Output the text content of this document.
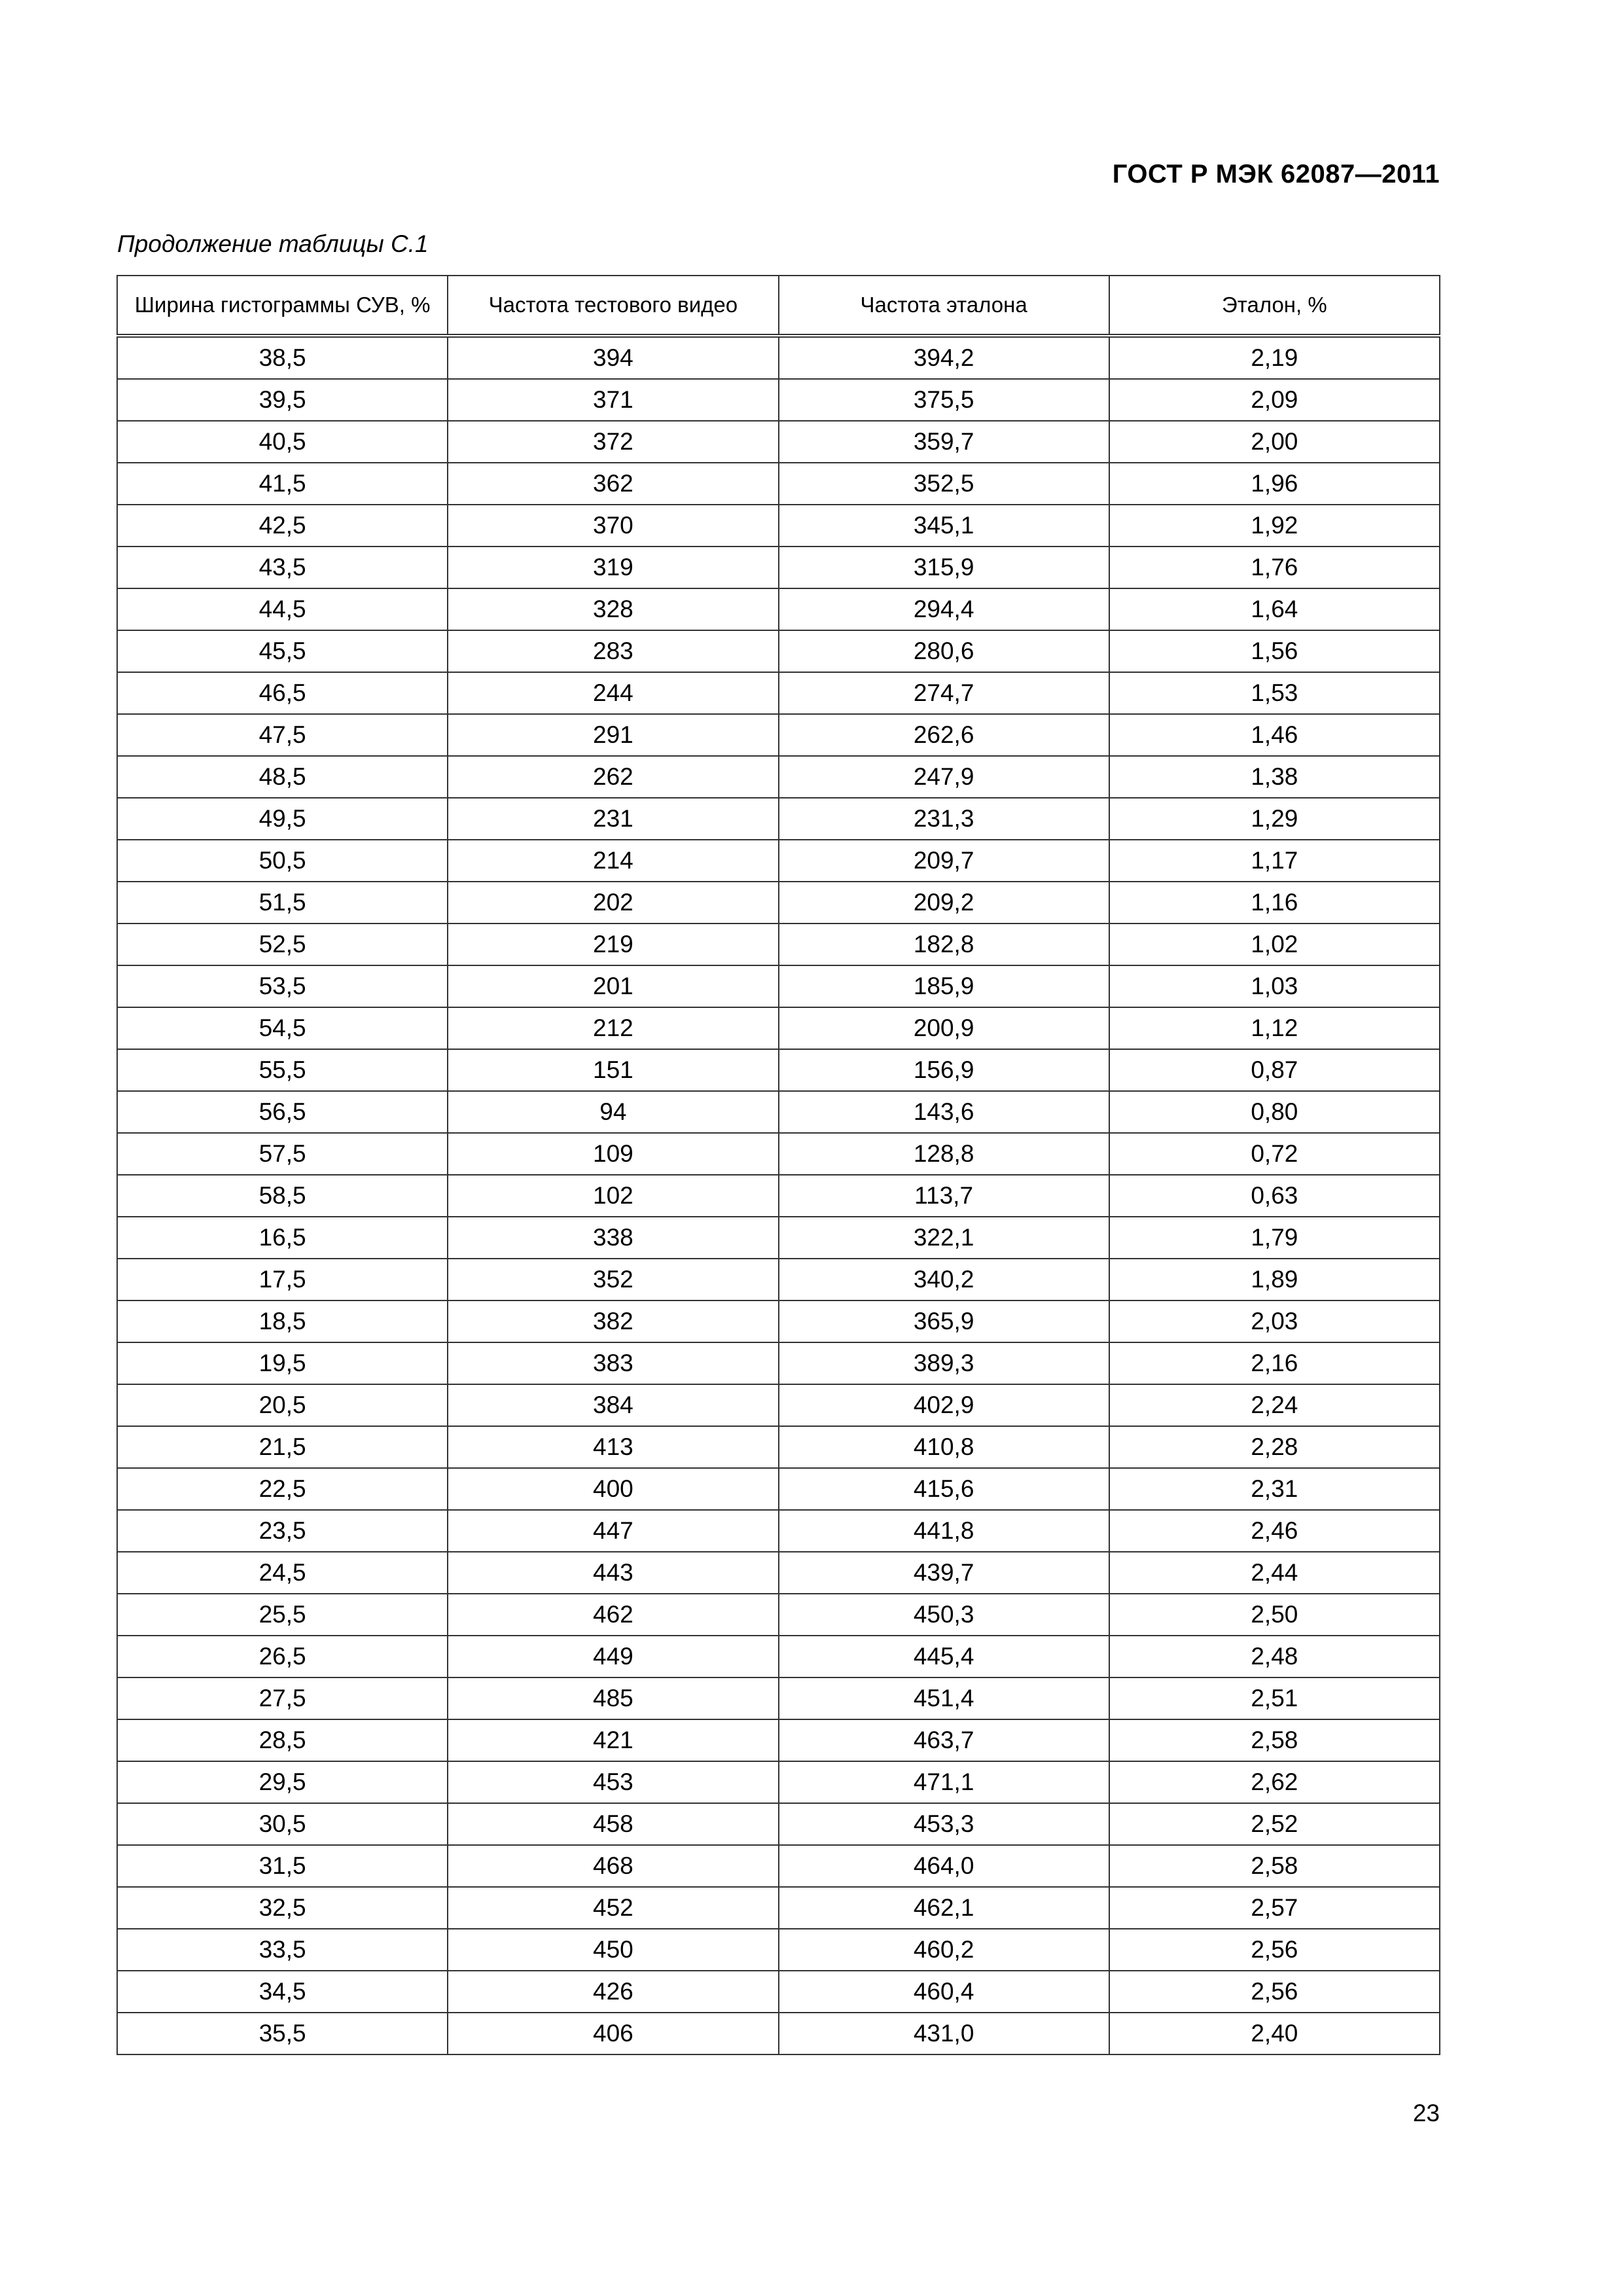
ГОСТ Р МЭК 62087—2011
Продолжение таблицы С.1
Ширина гистограммы СУВ, %	Частота тестового видео	Частота эталона	Эталон, %
38,5	394	394,2	2,19
39,5	371	375,5	2,09
40,5	372	359,7	2,00
41,5	362	352,5	1,96
42,5	370	345,1	1,92
43,5	319	315,9	1,76
44,5	328	294,4	1,64
45,5	283	280,6	1,56
46,5	244	274,7	1,53
47,5	291	262,6	1,46
48,5	262	247,9	1,38
49,5	231	231,3	1,29
50,5	214	209,7	1,17
51,5	202	209,2	1,16
52,5	219	182,8	1,02
53,5	201	185,9	1,03
54,5	212	200,9	1,12
55,5	151	156,9	0,87
56,5	94	143,6	0,80
57,5	109	128,8	0,72
58,5	102	113,7	0,63
16,5	338	322,1	1,79
17,5	352	340,2	1,89
18,5	382	365,9	2,03
19,5	383	389,3	2,16
20,5	384	402,9	2,24
21,5	413	410,8	2,28
22,5	400	415,6	2,31
23,5	447	441,8	2,46
24,5	443	439,7	2,44
25,5	462	450,3	2,50
26,5	449	445,4	2,48
27,5	485	451,4	2,51
28,5	421	463,7	2,58
29,5	453	471,1	2,62
30,5	458	453,3	2,52
31,5	468	464,0	2,58
32,5	452	462,1	2,57
33,5	450	460,2	2,56
34,5	426	460,4	2,56
35,5	406	431,0	2,40
23
